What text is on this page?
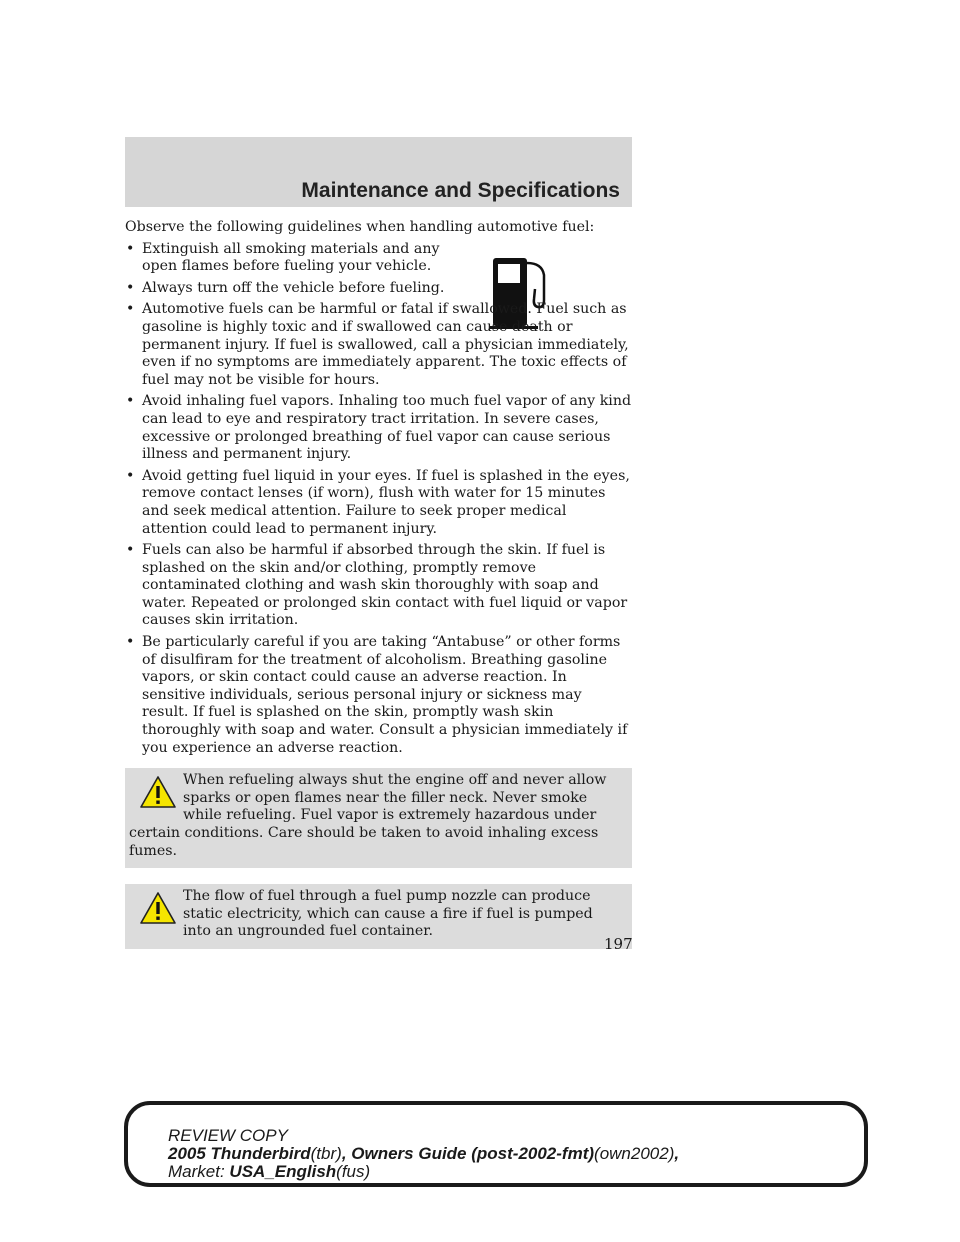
Maintenance and Specifications

Observe the following guidelines when handling automotive fuel:

• Extinguish all smoking materials and any open flames before fueling your vehicle.
• Always turn off the vehicle before fueling.
• Automotive fuels can be harmful or fatal if swallowed. Fuel such as gasoline is highly toxic and if swallowed can cause death or permanent injury. If fuel is swallowed, call a physician immediately, even if no symptoms are immediately apparent. The toxic effects of fuel may not be visible for hours.
• Avoid inhaling fuel vapors. Inhaling too much fuel vapor of any kind can lead to eye and respiratory tract irritation. In severe cases, excessive or prolonged breathing of fuel vapor can cause serious illness and permanent injury.
• Avoid getting fuel liquid in your eyes. If fuel is splashed in the eyes, remove contact lenses (if worn), flush with water for 15 minutes and seek medical attention. Failure to seek proper medical attention could lead to permanent injury.
• Fuels can also be harmful if absorbed through the skin. If fuel is splashed on the skin and/or clothing, promptly remove contaminated clothing and wash skin thoroughly with soap and water. Repeated or prolonged skin contact with fuel liquid or vapor causes skin irritation.
• Be particularly careful if you are taking “Antabuse” or other forms of disulfiram for the treatment of alcoholism. Breathing gasoline vapors, or skin contact could cause an adverse reaction. In sensitive individuals, serious personal injury or sickness may result. If fuel is splashed on the skin, promptly wash skin thoroughly with soap and water. Consult a physician immediately if you experience an adverse reaction.

When refueling always shut the engine off and never allow sparks or open flames near the filler neck. Never smoke while refueling. Fuel vapor is extremely hazardous under certain conditions. Care should be taken to avoid inhaling excess fumes.

The flow of fuel through a fuel pump nozzle can produce static electricity, which can cause a fire if fuel is pumped into an ungrounded fuel container.

197
REVIEW COPY
2005 Thunderbird(tbr), Owners Guide (post-2002-fmt)(own2002),
Market: USA_English(fus)
